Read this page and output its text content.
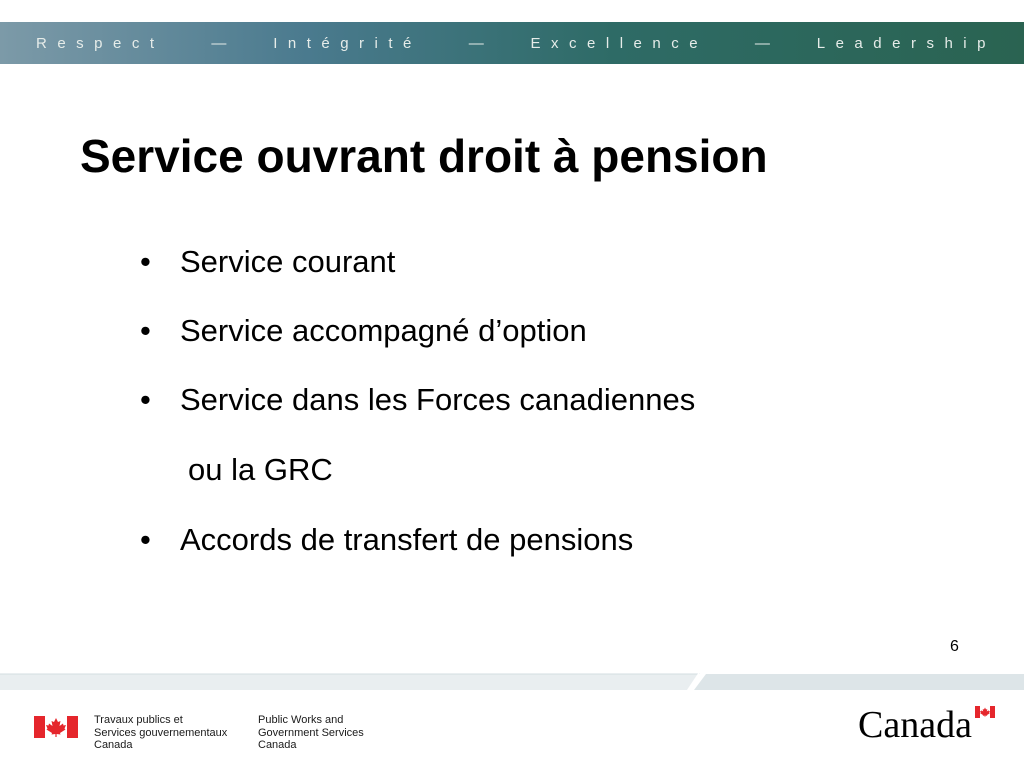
Respect	—	Intégrité	—	Excellence	—	Leadership
Service ouvrant droit à pension
• Service courant
• Service accompagné d’option
• Service dans les Forces canadiennes
ou la GRC
• Accords de transfert de pensions
6
Travaux publics et
Services gouvernementaux
Canada
Public Works and
Government Services
Canada	Canada
